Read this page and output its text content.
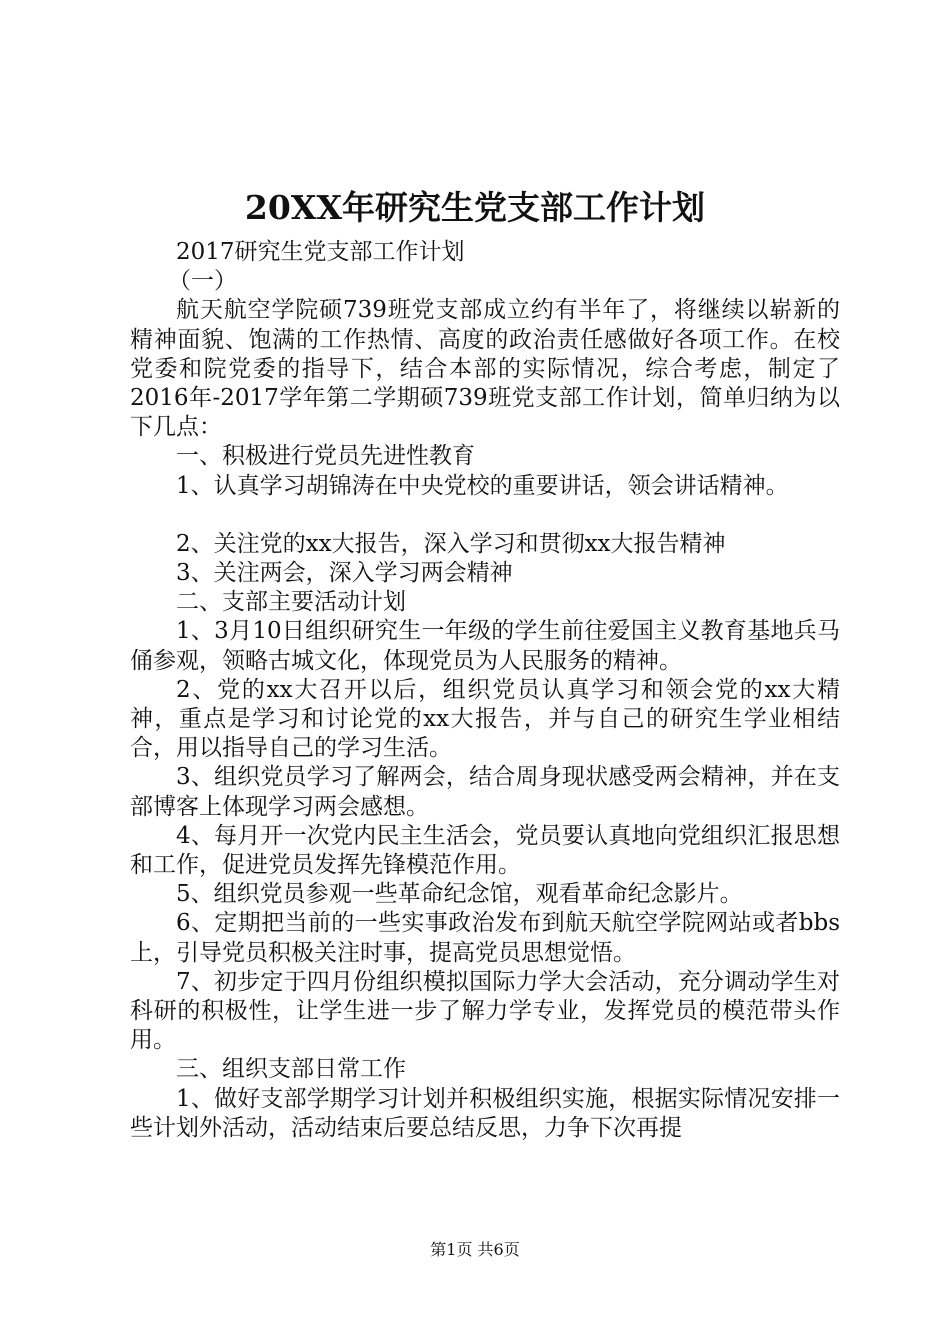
20XX年研究生党支部工作计划

2017研究生党支部工作计划

（一）

航天航空学院硕739班党支部成立约有半年了，将继续以崭新的精神面貌、饱满的工作热情、高度的政治责任感做好各项工作。在校党委和院党委的指导下，结合本部的实际情况，综合考虑，制定了2016年-2017学年第二学期硕739班党支部工作计划，简单归纳为以下几点：

一、积极进行党员先进性教育

1、认真学习胡锦涛在中央党校的重要讲话，领会讲话精神。

2、关注党的xx大报告，深入学习和贯彻xx大报告精神

3、关注两会，深入学习两会精神

二、支部主要活动计划

1、3月10日组织研究生一年级的学生前往爱国主义教育基地兵马俑参观，领略古城文化，体现党员为人民服务的精神。

2、党的xx大召开以后，组织党员认真学习和领会党的xx大精神，重点是学习和讨论党的xx大报告，并与自己的研究生学业相结合，用以指导自己的学习生活。

3、组织党员学习了解两会，结合周身现状感受两会精神，并在支部博客上体现学习两会感想。

4、每月开一次党内民主生活会，党员要认真地向党组织汇报思想和工作，促进党员发挥先锋模范作用。

5、组织党员参观一些革命纪念馆，观看革命纪念影片。

6、定期把当前的一些实事政治发布到航天航空学院网站或者bbs上，引导党员积极关注时事，提高党员思想觉悟。

7、初步定于四月份组织模拟国际力学大会活动，充分调动学生对科研的积极性，让学生进一步了解力学专业，发挥党员的模范带头作用。

三、组织支部日常工作

1、做好支部学期学习计划并积极组织实施，根据实际情况安排一些计划外活动，活动结束后要总结反思，力争下次再提

第1页 共6页
